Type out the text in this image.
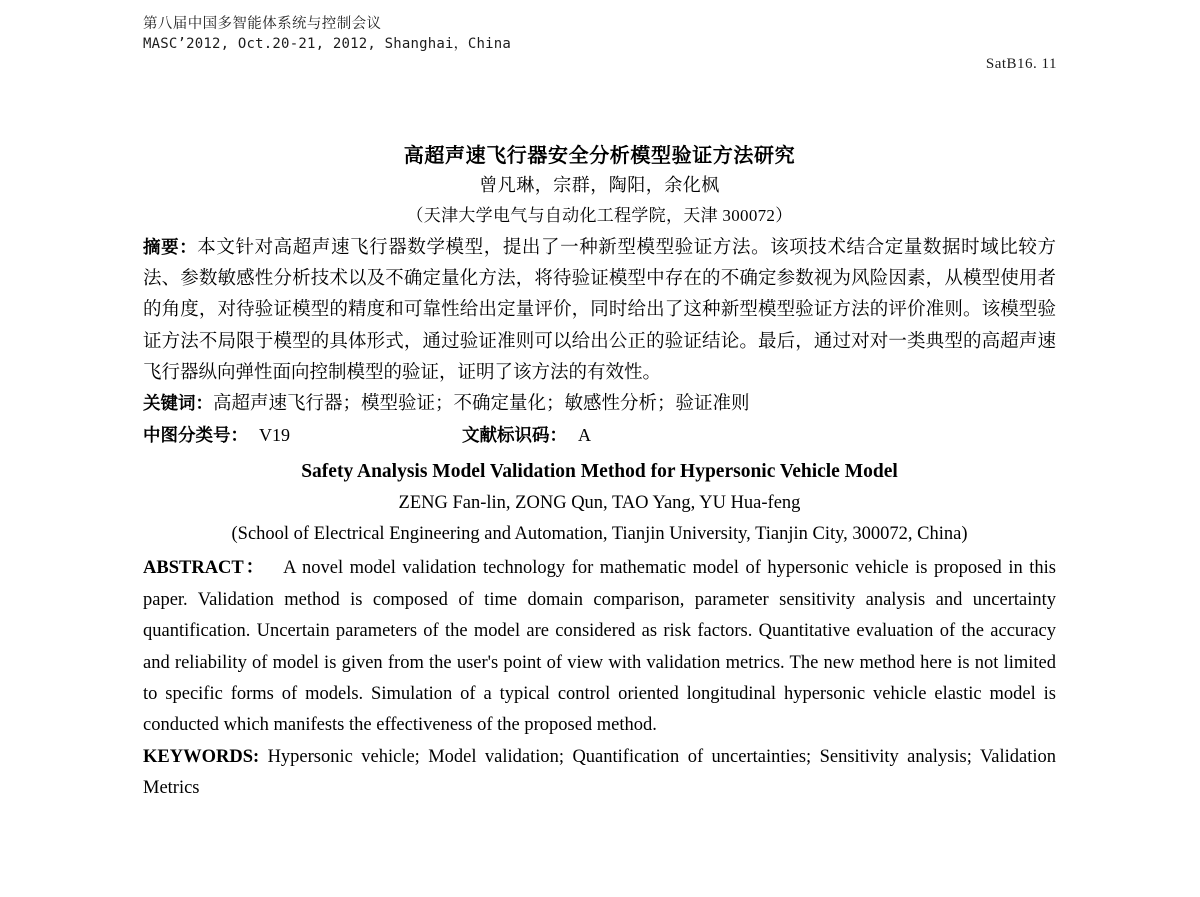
第八届中国多智能体系统与控制会议
MASC’2012, Oct.20-21, 2012, Shanghai，China
SatB16. 11
高超声速飞行器安全分析模型验证方法研究
曾凡琳，宗群，陶阳，余化枫
（天津大学电气与自动化工程学院，天津 300072）
摘要：本文针对高超声速飞行器数学模型，提出了一种新型模型验证方法。该项技术结合定量数据时域比较方法、参数敏感性分析技术以及不确定量化方法，将待验证模型中存在的不确定参数视为风险因素，从模型使用者的角度，对待验证模型的精度和可靠性给出定量评价，同时给出了这种新型模型验证方法的评价准则。该模型验证方法不局限于模型的具体形式，通过验证准则可以给出公正的验证结论。最后，通过对对一类典型的高超声速飞行器纵向弹性面向控制模型的验证，证明了该方法的有效性。
关键词：高超声速飞行器；模型验证；不确定量化；敏感性分析；验证准则
中图分类号： V19	文献标识码： A
Safety Analysis Model Validation Method for Hypersonic Vehicle Model
ZENG Fan-lin, ZONG Qun, TAO Yang, YU Hua-feng
(School of Electrical Engineering and Automation, Tianjin University, Tianjin City, 300072, China)
ABSTRACT： A novel model validation technology for mathematic model of hypersonic vehicle is proposed in this paper. Validation method is composed of time domain comparison, parameter sensitivity analysis and uncertainty quantification. Uncertain parameters of the model are considered as risk factors. Quantitative evaluation of the accuracy and reliability of model is given from the user's point of view with validation metrics. The new method here is not limited to specific forms of models. Simulation of a typical control oriented longitudinal hypersonic vehicle elastic model is conducted which manifests the effectiveness of the proposed method.
KEYWORDS: Hypersonic vehicle; Model validation; Quantification of uncertainties; Sensitivity analysis; Validation Metrics
